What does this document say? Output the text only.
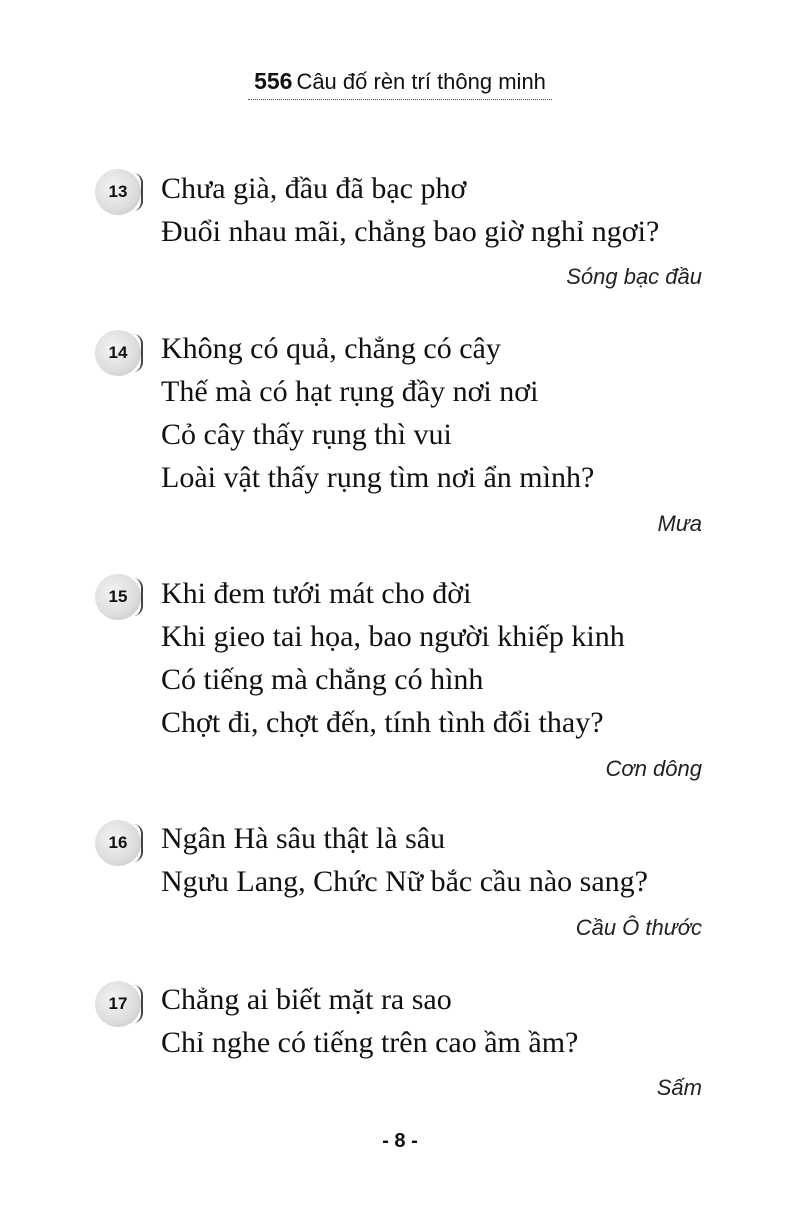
556 Câu đố rèn trí thông minh
13	Chưa già, đầu đã bạc phơ
Đuổi nhau mãi, chẳng bao giờ nghỉ ngơi?
Sóng bạc đầu
14	Không có quả, chẳng có cây
Thế mà có hạt rụng đầy nơi nơi
Cỏ cây thấy rụng thì vui
Loài vật thấy rụng tìm nơi ẩn mình?
Mưa
15	Khi đem tưới mát cho đời
Khi gieo tai họa, bao người khiếp kinh
Có tiếng mà chẳng có hình
Chợt đi, chợt đến, tính tình đổi thay?
Cơn dông
16	Ngân Hà sâu thật là sâu
Ngưu Lang, Chức Nữ bắc cầu nào sang?
Cầu Ô thước
17	Chẳng ai biết mặt ra sao
Chỉ nghe có tiếng trên cao ầm ầm?
Sấm
- 8 -
